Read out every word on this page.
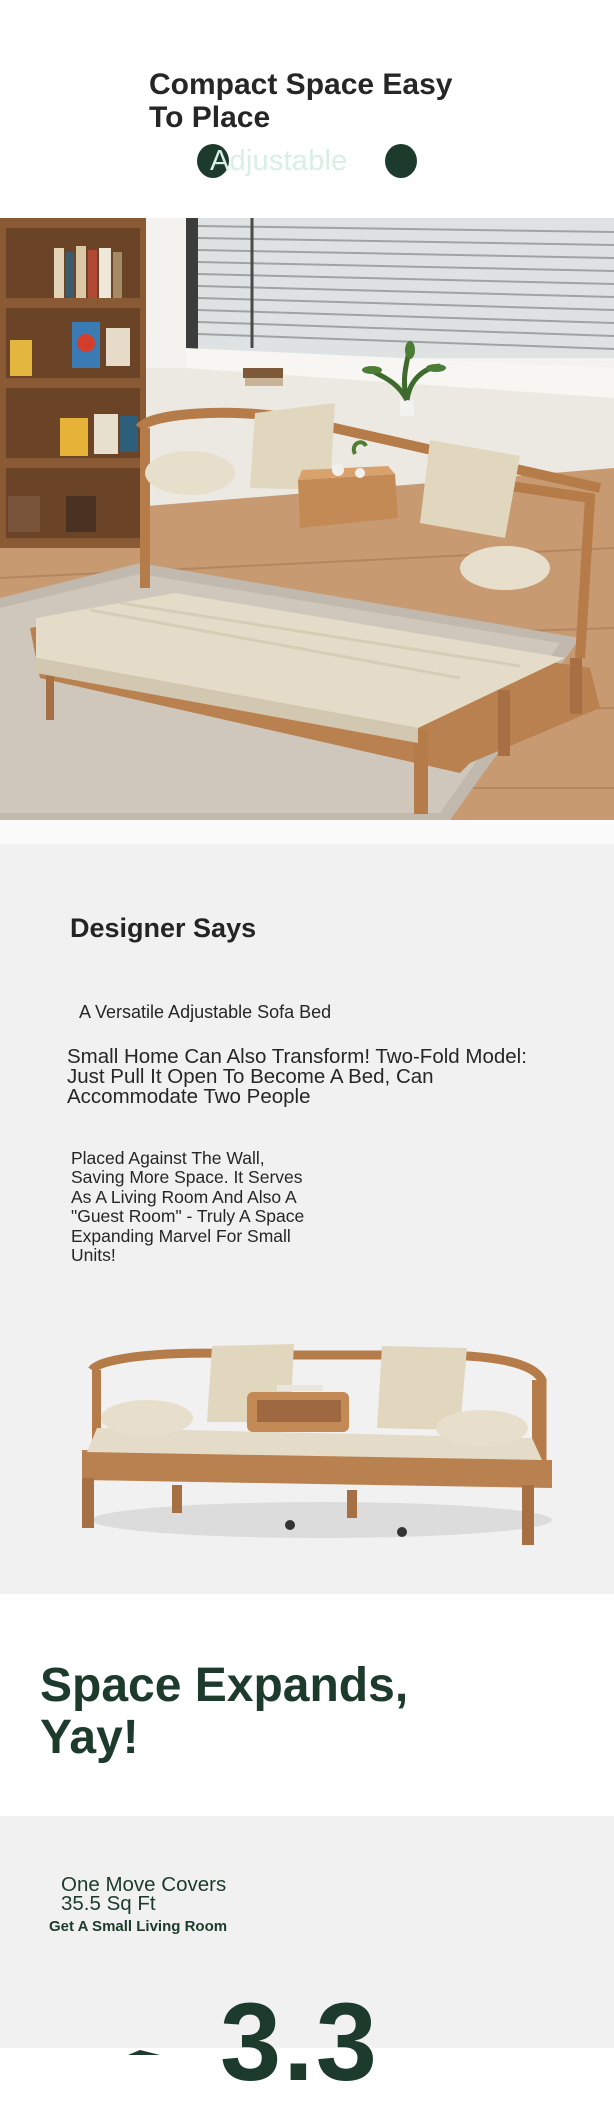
Compact Space Easy To Place
Adjustable
Designer Says
A Versatile Adjustable Sofa Bed
Small Home Can Also Transform! Two-Fold Model: Just Pull It Open To Become A Bed, Can Accommodate Two People
Placed Against The Wall, Saving More Space. It Serves As A Living Room And Also A "Guest Room" - Truly A Space Expanding Marvel For Small Units!
Space Expands, Yay!
One Move Covers
35.5 Sq Ft
Get A Small Living Room
3.3
